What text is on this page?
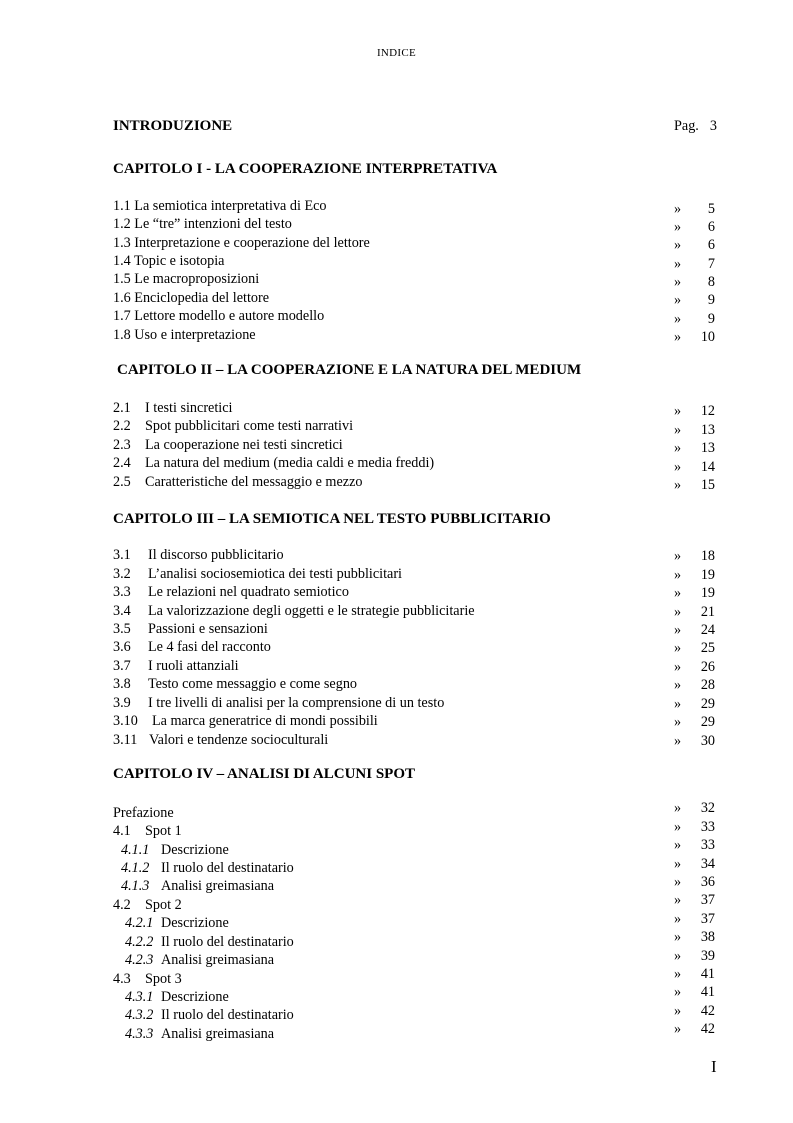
INDICE
INTRODUZIONE	Pag. 3
CAPITOLO I - LA COOPERAZIONE INTERPRETATIVA
1.1 La semiotica interpretativa di Eco
1.2 Le “tre” intenzioni del testo
1.3 Interpretazione e cooperazione del lettore
1.4 Topic e isotopia
1.5 Le macroproposizioni
1.6 Enciclopedia del lettore
1.7 Lettore modello e autore modello
1.8 Uso e interpretazione
»
»
»
»
»
»
»
»
5
6
6
7
8
9
9
10
CAPITOLO II – LA COOPERAZIONE E LA NATURA DEL MEDIUM
2.1 I testi sincretici
2.2 Spot pubblicitari come testi narrativi
2.3 La cooperazione nei testi sincretici
2.4 La natura del medium (media caldi e media freddi)
2.5 Caratteristiche del messaggio e mezzo
»
»
»
»
»
12
13
13
14
15
CAPITOLO III – LA SEMIOTICA NEL TESTO PUBBLICITARIO
3.1 Il discorso pubblicitario
3.2 L’analisi sociosemiotica dei testi pubblicitari
3.3 Le relazioni nel quadrato semiotico
3.4 La valorizzazione degli oggetti e le strategie pubblicitarie
3.5 Passioni e sensazioni
3.6 Le 4 fasi del racconto
3.7 I ruoli attanziali
3.8 Testo come messaggio e come segno
3.9 I tre livelli di analisi per la comprensione di un testo
3.10 La marca generatrice di mondi possibili
3.11 Valori e tendenze socioculturali
»
»
»
»
»
»
»
»
»
»
»
18
19
19
21
24
25
26
28
29
29
30
CAPITOLO IV – ANALISI DI ALCUNI SPOT
Prefazione
4.1 Spot 1
4.1.1 Descrizione
4.1.2 Il ruolo del destinatario
4.1.3 Analisi greimasiana
4.2 Spot 2
4.2.1 Descrizione
4.2.2 Il ruolo del destinatario
4.2.3 Analisi greimasiana
4.3 Spot 3
4.3.1 Descrizione
4.3.2 Il ruolo del destinatario
4.3.3 Analisi greimasiana
»
»
»
»
»
»
»
»
»
»
»
»
»
32
33
33
34
36
37
37
38
39
41
41
42
42
I
